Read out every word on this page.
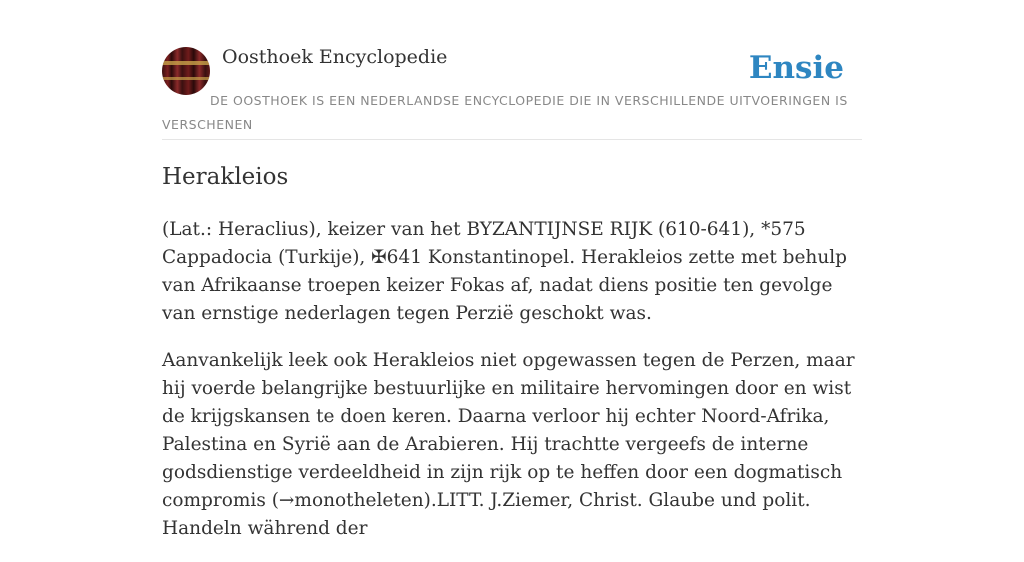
Oosthoek Encyclopedie	Ensie
DE OOSTHOEK IS EEN NEDERLANDSE ENCYCLOPEDIE DIE IN VERSCHILLENDE UITVOERINGEN IS VERSCHENEN
Herakleios

(Lat.: Heraclius), keizer van het BYZANTIJNSE RIJK (610-641), *575 Cappadocia (Turkije), ✠641 Konstantinopel. Herakleios zette met behulp van Afrikaanse troepen keizer Fokas af, nadat diens positie ten gevolge van ernstige nederlagen tegen Perzië geschokt was.

Aanvankelijk leek ook Herakleios niet opgewassen tegen de Perzen, maar hij voerde belangrijke bestuurlijke en militaire hervomingen door en wist de krijgskansen te doen keren. Daarna verloor hij echter Noord-Afrika, Palestina en Syrië aan de Arabieren. Hij trachtte vergeefs de interne godsdienstige verdeeldheid in zijn rijk op te heffen door een dogmatisch compromis (→monotheleten).LITT. J.Ziemer, Christ. Glaube und polit. Handeln während der
